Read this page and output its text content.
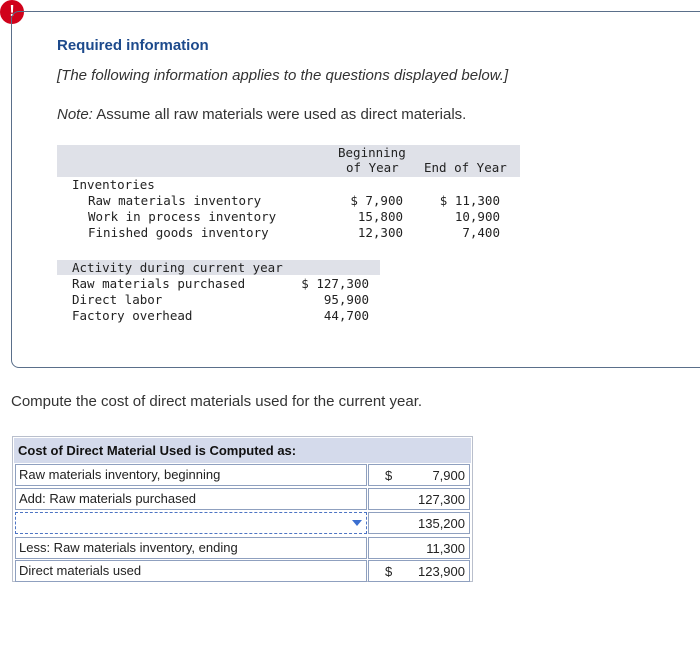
!
Required information
[The following information applies to the questions displayed below.]
Note: Assume all raw materials were used as direct materials.
Beginning
of Year End of Year
Inventories
Raw materials inventory	$ 7,900	$ 11,300
Work in process inventory	15,800	10,900
Finished goods inventory	12,300	7,400
Activity during current year
Raw materials purchased	$ 127,300
Direct labor	95,900
Factory overhead	44,700
Compute the cost of direct materials used for the current year.
Cost of Direct Material Used is Computed as:
Raw materials inventory, beginning	$	7,900
Add: Raw materials purchased	127,300
135,200
Less: Raw materials inventory, ending	11,300
Direct materials used	$ 123,900
